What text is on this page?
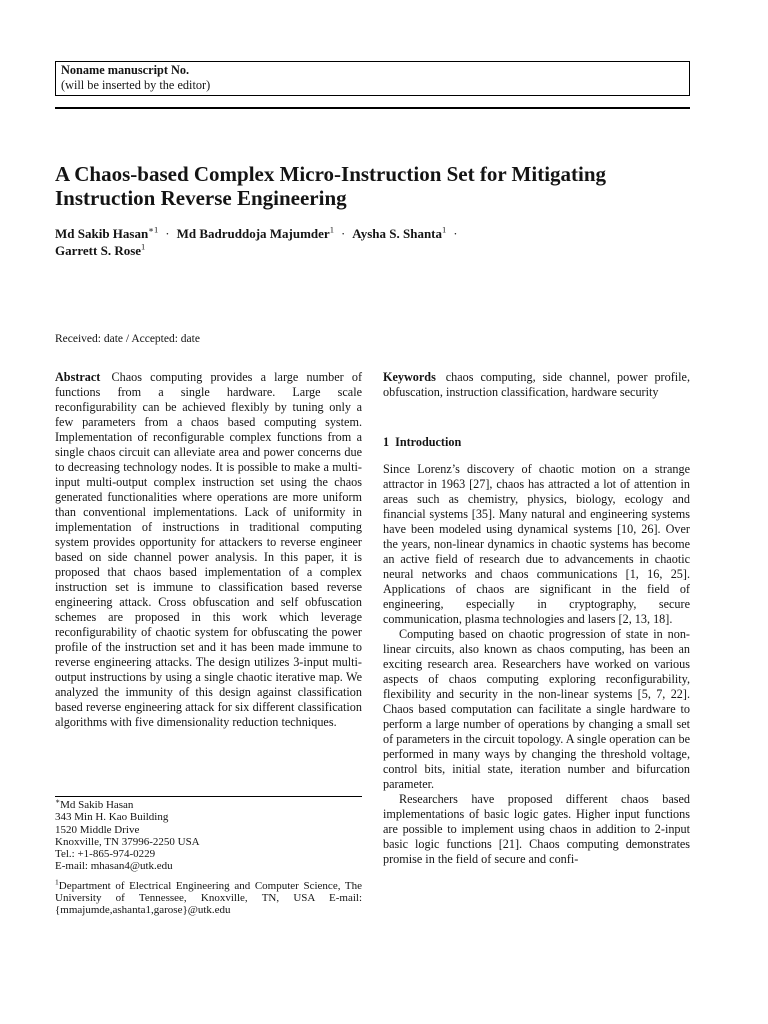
Noname manuscript No.
(will be inserted by the editor)
A Chaos-based Complex Micro-Instruction Set for Mitigating
Instruction Reverse Engineering
Md Sakib Hasan$^{∗1}$ · Md Badruddoja Majumder$^1$ · Aysha S. Shanta$^1$ ·
Garrett S. Rose$^1$
Received: date / Accepted: date

Abstract Chaos computing provides a large number of functions from a single hardware. Large scale reconfigurability can be achieved flexibly by tuning only a few parameters from a chaos based computing system. Implementation of reconfigurable complex functions from a single chaos circuit can alleviate area and power concerns due to decreasing technology nodes. It is possible to make a multi-input multi-output complex instruction set using the chaos generated functionalities where operations are more uniform than conventional implementations. Lack of uniformity in implementation of instructions in traditional computing system provides opportunity for attackers to reverse engineer based on side channel power analysis. In this paper, it is proposed that chaos based implementation of a complex instruction set is immune to classification based reverse engineering attack. Cross obfuscation and self obfuscation schemes are proposed in this work which leverage reconfigurability of chaotic system for obfuscating the power profile of the instruction set and it has been made immune to reverse engineering attacks. The design utilizes 3-input multi-output instructions by using a single chaotic iterative map. We analyzed the immunity of this design against classification based reverse engineering attack for six different classification algorithms with five dimensionality reduction techniques.

∗Md Sakib Hasan
343 Min H. Kao Building
1520 Middle Drive
Knoxville, TN 37996-2250 USA
Tel.: +1-865-974-0229
E-mail: mhasan4@utk.edu
$^1$Department of Electrical Engineering and Computer Science, The University of Tennessee, Knoxville, TN, USA E-mail: {mmajumde,ashanta1,garose}@utk.edu

Keywords chaos computing, side channel, power profile, obfuscation, instruction classification, hardware security

1 Introduction

Since Lorenz’s discovery of chaotic motion on a strange attractor in 1963 [27], chaos has attracted a lot of attention in areas such as chemistry, physics, biology, ecology and financial systems [35]. Many natural and engineering systems have been modeled using dynamical systems [10, 26]. Over the years, non-linear dynamics in chaotic systems has become an active field of research due to advancements in chaotic neural networks and chaos communications [1, 16, 25]. Applications of chaos are significant in the field of engineering, especially in cryptography, secure communication, plasma technologies and lasers [2, 13, 18].

Computing based on chaotic progression of state in non-linear circuits, also known as chaos computing, has been an exciting research area. Researchers have worked on various aspects of chaos computing exploring reconfigurability, flexibility and security in the non-linear systems [5, 7, 22]. Chaos based computation can facilitate a single hardware to perform a large number of operations by changing a small set of parameters in the circuit topology. A single operation can be performed in many ways by changing the threshold voltage, control bits, initial state, iteration number and bifurcation parameter.

Researchers have proposed different chaos based implementations of basic logic gates. Higher input functions are possible to implement using chaos in addition to 2-input basic logic functions [21]. Chaos computing demonstrates promise in the field of secure and confi-
